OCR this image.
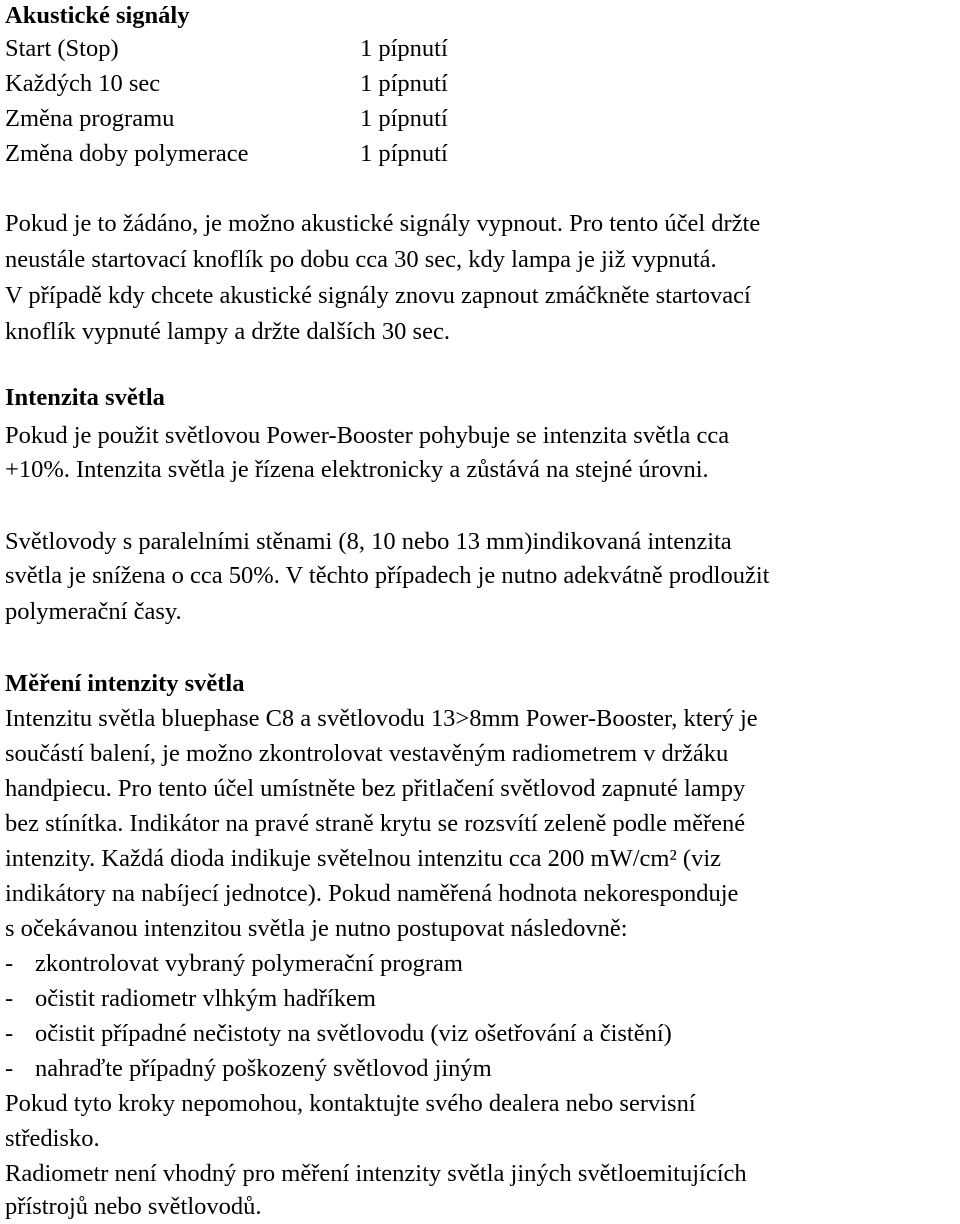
Akustické signály
Start (Stop)	1 pípnutí
Každých 10 sec	1 pípnutí
Změna programu	1 pípnutí
Změna doby polymerace	1 pípnutí
Pokud je to žádáno, je možno akustické signály vypnout. Pro tento účel držte
neustále startovací knoflík po dobu cca 30 sec, kdy lampa je již vypnutá.
V případě kdy chcete akustické signály znovu zapnout zmáčkněte startovací
knoflík vypnuté lampy a držte dalších 30 sec.
Intenzita světla
Pokud je použit světlovou Power-Booster pohybuje se intenzita světla cca
+10%. Intenzita světla je řízena elektronicky a zůstává na stejné úrovni.
Světlovody s paralelními stěnami (8, 10 nebo 13 mm)indikovaná intenzita
světla je snížena o cca 50%. V těchto případech je nutno adekvátně prodloužit
polymerační časy.
Měření intenzity světla
Intenzitu světla bluephase C8 a světlovodu 13>8mm Power-Booster, který je
součástí balení, je možno zkontrolovat vestavěným radiometrem v držáku
handpiecu. Pro tento účel umístněte bez přitlačení světlovod zapnuté lampy
bez stínítka. Indikátor na pravé straně krytu se rozsvítí zeleně podle měřené
intenzity. Každá dioda indikuje světelnou intenzitu cca 200 mW/cm² (viz
indikátory na nabíjecí jednotce). Pokud naměřená hodnota nekoresponduje
s očekávanou intenzitou světla je nutno postupovat následovně:
- zkontrolovat vybraný polymerační program
- očistit radiometr vlhkým hadříkem
- očistit případné nečistoty na světlovodu (viz ošetřování a čistění)
- nahraďte případný poškozený světlovod jiným
Pokud tyto kroky nepomohou, kontaktujte svého dealera nebo servisní
středisko.
Radiometr není vhodný pro měření intenzity světla jiných světloemitujících
přístrojů nebo světlovodů.
